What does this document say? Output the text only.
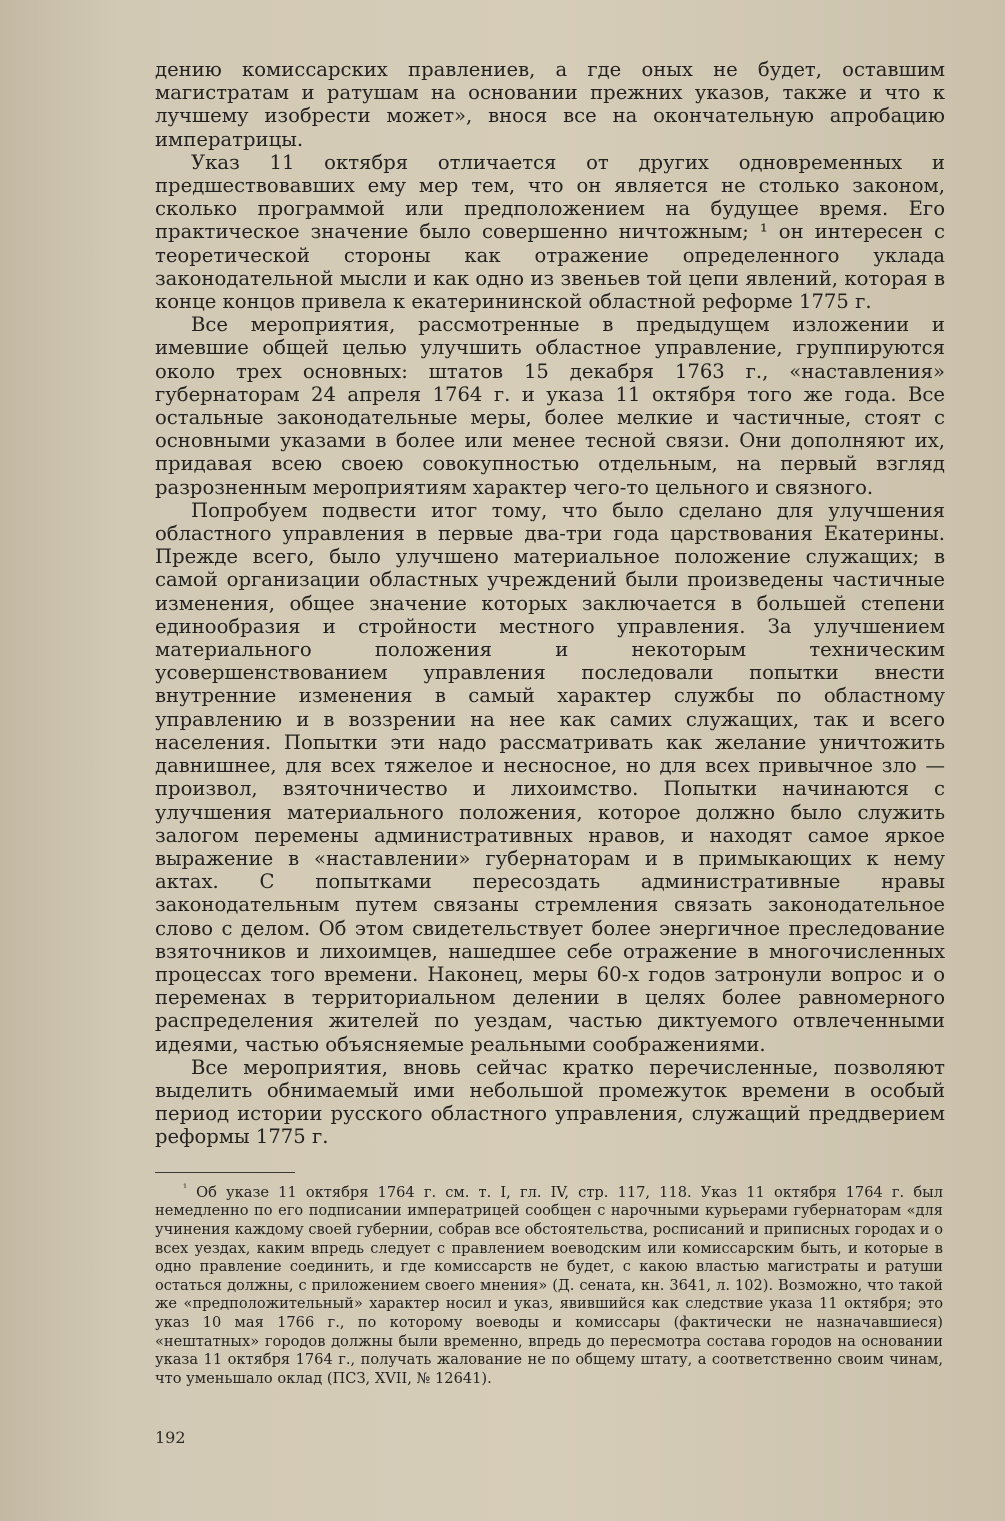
дению комиссарских правлениев, а где оных не будет, оставшим магистратам и ратушам на основании прежних указов, также и что к лучшему изобрести может», внося все на окончательную апробацию императрицы.

Указ 11 октября отличается от других одновременных и предшествовавших ему мер тем, что он является не столько законом, сколько программой или предположением на будущее время. Его практическое значение было совершенно ничтожным; ¹ он интересен с теоретической стороны как отражение определенного уклада законодательной мысли и как одно из звеньев той цепи явлений, которая в конце концов привела к екатерининской областной реформе 1775 г.

Все мероприятия, рассмотренные в предыдущем изложении и имевшие общей целью улучшить областное управление, группируются около трех основных: штатов 15 декабря 1763 г., «наставления» губернаторам 24 апреля 1764 г. и указа 11 октября того же года. Все остальные законодательные меры, более мелкие и частичные, стоят с основными указами в более или менее тесной связи. Они дополняют их, придавая всею своею совокупностью отдельным, на первый взгляд разрозненным мероприятиям характер чего-то цельного и связного.

Попробуем подвести итог тому, что было сделано для улучшения областного управления в первые два-три года царствования Екатерины. Прежде всего, было улучшено материальное положение служащих; в самой организации областных учреждений были произведены частичные изменения, общее значение которых заключается в большей степени единообразия и стройности местного управления. За улучшением материального положения и некоторым техническим усовершенствованием управления последовали попытки внести внутренние изменения в самый характер службы по областному управлению и в воззрении на нее как самих служащих, так и всего населения. Попытки эти надо рассматривать как желание уничтожить давнишнее, для всех тяжелое и несносное, но для всех привычное зло — произвол, взяточничество и лихоимство. Попытки начинаются с улучшения материального положения, которое должно было служить залогом перемены административных нравов, и находят самое яркое выражение в «наставлении» губернаторам и в примыкающих к нему актах. С попытками пересоздать административные нравы законодательным путем связаны стремления связать законодательное слово с делом. Об этом свидетельствует более энергичное преследование взяточников и лихоимцев, нашедшее себе отражение в многочисленных процессах того времени. Наконец, меры 60-х годов затронули вопрос и о переменах в территориальном делении в целях более равномерного распределения жителей по уездам, частью диктуемого отвлеченными идеями, частью объясняемые реальными соображениями.

Все мероприятия, вновь сейчас кратко перечисленные, позволяют выделить обнимаемый ими небольшой промежуток времени в особый период истории русского областного управления, служащий преддверием реформы 1775 г.

$^{^1}$ Об указе 11 октября 1764 г. см. т. I, гл. IV, стр. 117, 118. Указ 11 октября 1764 г. был немедленно по его подписании императрицей сообщен с нарочными курьерами губернаторам «для учинения каждому своей губернии, собрав все обстоятельства, росписаний и приписных городах и о всех уездах, каким впредь следует с правлением воеводским или комиссарским быть, и которые в одно правление соединить, и где комиссарств не будет, с какою властью магистраты и ратуши остаться должны, с приложением своего мнения» (Д. сената, кн. 3641, л. 102). Возможно, что такой же «предположительный» характер носил и указ, явившийся как следствие указа 11 октября; это указ 10 мая 1766 г., по которому воеводы и комиссары (фактически не назначавшиеся) «нештатных» городов должны были временно, впредь до пересмотра состава городов на основании указа 11 октября 1764 г., получать жалование не по общему штату, а соответственно своим чинам, что уменьшало оклад (ПСЗ, XVII, № 12641).

192
